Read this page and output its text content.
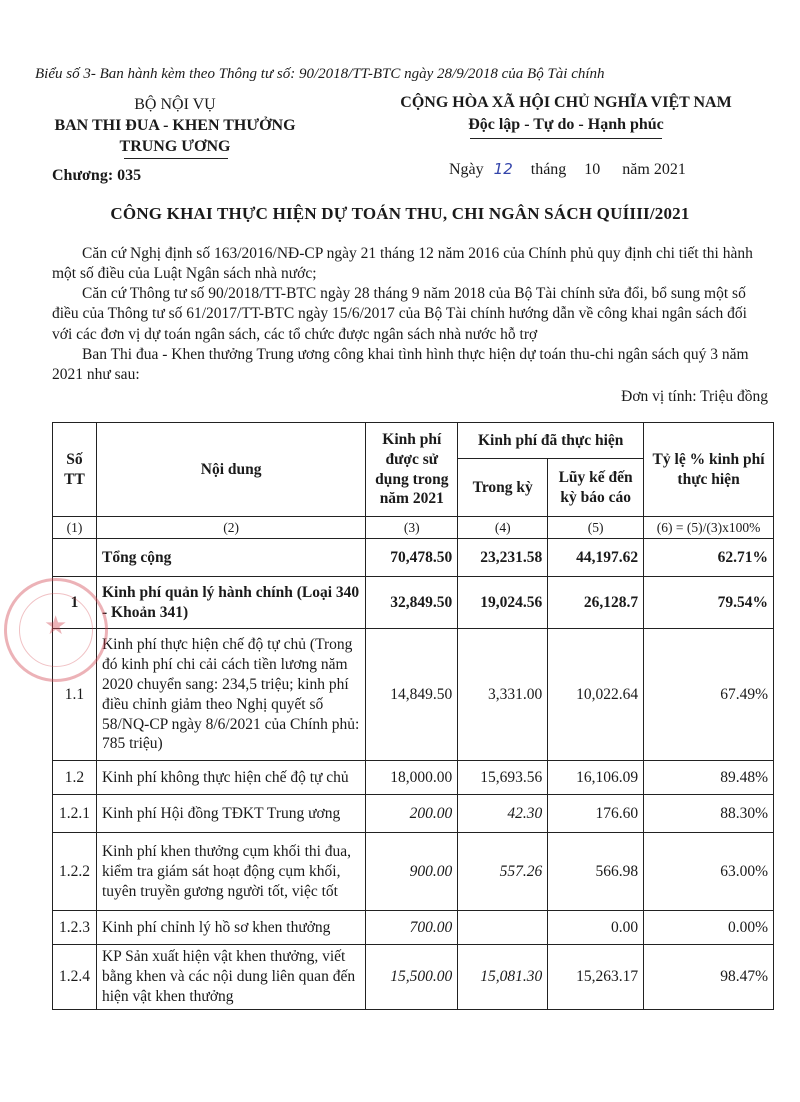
Biểu số 3- Ban hành kèm theo Thông tư số: 90/2018/TT-BTC ngày 28/9/2018 của Bộ Tài chính

BỘ NỘI VỤ

BAN THI ĐUA - KHEN THƯỞNG

TRUNG ƯƠNG

Chương: 035

CỘNG HÒA XÃ HỘI CHỦ NGHĨA VIỆT NAM

Độc lập - Tự do - Hạnh phúc

Ngày 12 tháng 10 năm 2021

CÔNG KHAI THỰC HIỆN DỰ TOÁN THU, CHI NGÂN SÁCH QUÍIII/2021

Căn cứ Nghị định số 163/2016/NĐ-CP ngày 21 tháng 12 năm 2016 của Chính phủ quy định chi tiết thi hành một số điều của Luật Ngân sách nhà nước;

Căn cứ Thông tư số 90/2018/TT-BTC ngày 28 tháng 9 năm 2018 của Bộ Tài chính sửa đổi, bổ sung một số điều của Thông tư số 61/2017/TT-BTC ngày 15/6/2017 của Bộ Tài chính hướng dẫn về công khai ngân sách đối với các đơn vị dự toán ngân sách, các tổ chức được ngân sách nhà nước hỗ trợ

Ban Thi đua - Khen thưởng Trung ương công khai tình hình thực hiện dự toán thu-chi ngân sách quý 3 năm 2021 như sau:

Đơn vị tính: Triệu đồng

Số TT	Nội dung	Kinh phí được sử dụng trong năm 2021	Kinh phí đã thực hiện		Tỷ lệ % kinh phí thực hiện
			Trong kỳ	Lũy kế đến kỳ báo cáo	
(1)	(2)	(3)	(4)	(5)	(6) = (5)/(3)x100%
	Tổng cộng	70,478.50	23,231.58	44,197.62	62.71%
1	Kinh phí quản lý hành chính (Loại 340 - Khoản 341)	32,849.50	19,024.56	26,128.7	79.54%
1.1	Kinh phí thực hiện chế độ tự chủ (Trong đó kinh phí chi cải cách tiền lương năm 2020 chuyển sang: 234,5 triệu; kinh phí điều chỉnh giảm theo Nghị quyết số 58/NQ-CP ngày 8/6/2021 của Chính phủ: 785 triệu)	14,849.50	3,331.00	10,022.64	67.49%
1.2	Kinh phí không thực hiện chế độ tự chủ	18,000.00	15,693.56	16,106.09	89.48%
1.2.1	Kinh phí Hội đồng TĐKT Trung ương	200.00	42.30	176.60	88.30%
1.2.2	Kinh phí khen thưởng cụm khối thi đua, kiểm tra giám sát hoạt động cụm khối, tuyên truyền gương người tốt, việc tốt	900.00	557.26	566.98	63.00%
1.2.3	Kinh phí chỉnh lý hồ sơ khen thưởng	700.00		0.00	0.00%
1.2.4	KP Sản xuất hiện vật khen thưởng, viết bằng khen và các nội dung liên quan đến hiện vật khen thưởng	15,500.00	15,081.30	15,263.17	98.47%
★
